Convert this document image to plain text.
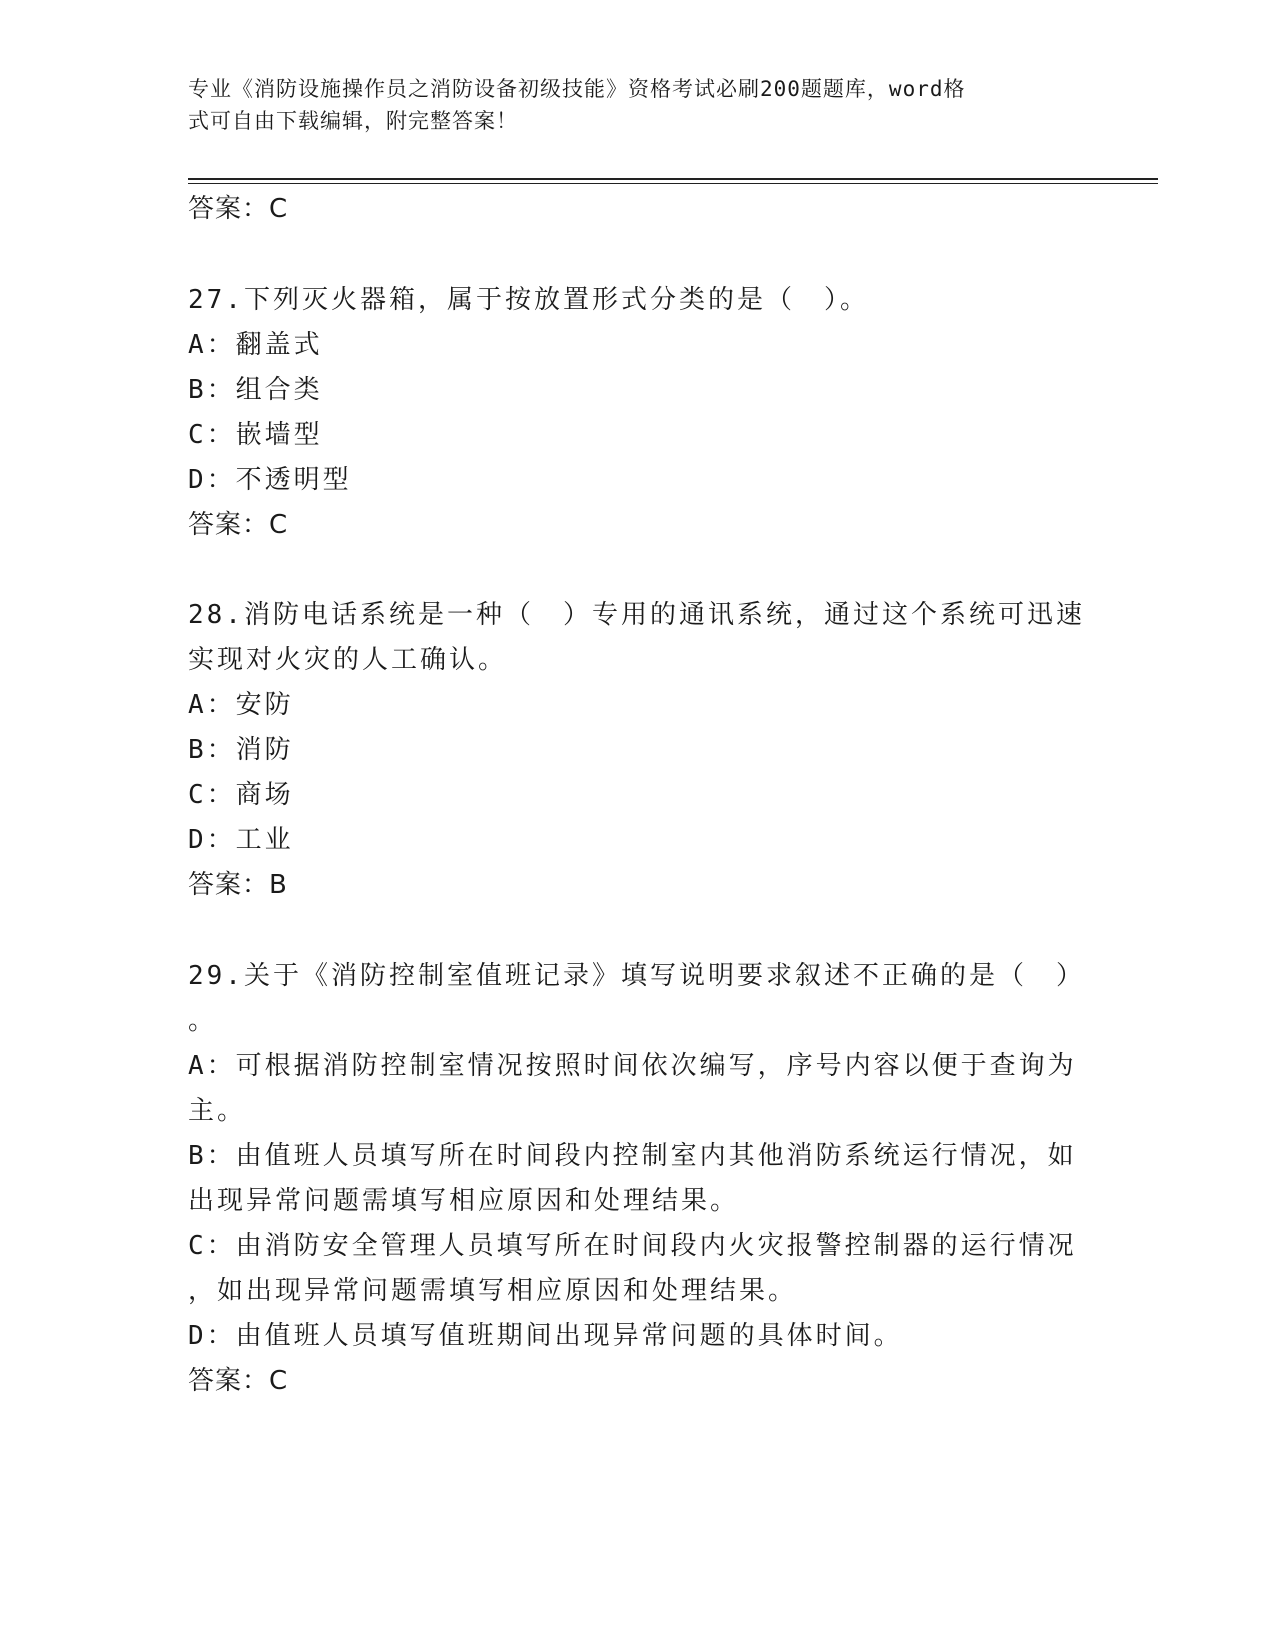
专业《消防设施操作员之消防设备初级技能》资格考试必刷200题题库，word格
式可自由下载编辑，附完整答案！
答案：C
27.下列灭火器箱，属于按放置形式分类的是（　）。
A：翻盖式
B：组合类
C：嵌墙型
D：不透明型
答案：C
28.消防电话系统是一种（　）专用的通讯系统，通过这个系统可迅速
实现对火灾的人工确认。
A：安防
B：消防
C：商场
D：工业
答案：B
29.关于《消防控制室值班记录》填写说明要求叙述不正确的是（　）
。
A：可根据消防控制室情况按照时间依次编写，序号内容以便于查询为
主。
B：由值班人员填写所在时间段内控制室内其他消防系统运行情况，如
出现异常问题需填写相应原因和处理结果。
C：由消防安全管理人员填写所在时间段内火灾报警控制器的运行情况
，如出现异常问题需填写相应原因和处理结果。
D：由值班人员填写值班期间出现异常问题的具体时间。
答案：C
